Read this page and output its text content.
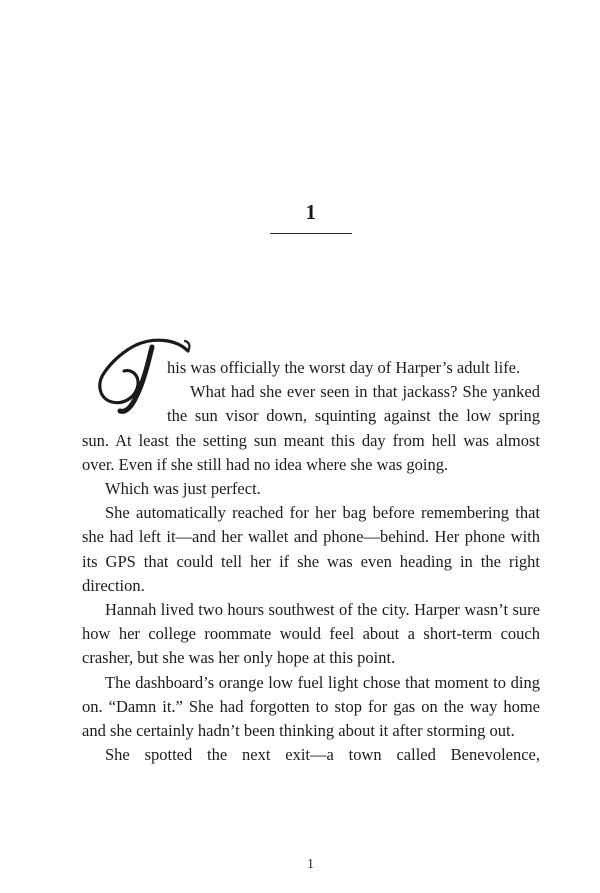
1

his was officially the worst day of Harper’s adult life.

What had she ever seen in that jackass? She yanked the sun visor down, squinting against the low spring sun. At least the setting sun meant this day from hell was almost over. Even if she still had no idea where she was going.

Which was just perfect.

She automatically reached for her bag before remembering that she had left it—and her wallet and phone—behind. Her phone with its GPS that could tell her if she was even heading in the right direction.

Hannah lived two hours southwest of the city. Harper wasn’t sure how her college roommate would feel about a short-term couch crasher, but she was her only hope at this point.

The dashboard’s orange low fuel light chose that moment to ding on. “Damn it.” She had forgotten to stop for gas on the way home and she certainly hadn’t been thinking about it after storming out.

She spotted the next exit—a town called Benevolence,

1
